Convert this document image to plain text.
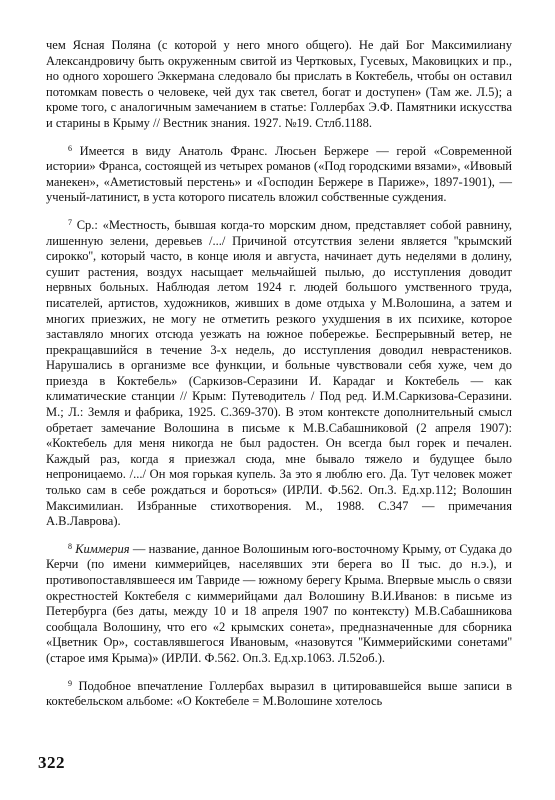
чем Ясная Поляна (с которой у него много общего). Не дай Бог Максимилиану Александровичу быть окруженным свитой из Чертковых, Гусевых, Маковицких и пр., но одного хорошего Эккермана следовало бы прислать в Коктебель, чтобы он оставил потомкам повесть о человеке, чей дух так светел, богат и доступен» (Там же. Л.5); а кроме того, с аналогичным замечанием в статье: Голлербах Э.Ф. Памятники искусства и старины в Крыму // Вестник знания. 1927. №19. Стлб.1188.

$^6$ Имеется в виду Анатоль Франс. Люсьен Бержере — герой «Современной истории» Франса, состоящей из четырех романов («Под городскими вязами», «Ивовый манекен», «Аметистовый перстень» и «Господин Бержере в Париже», 1897-1901), — ученый-латинист, в уста которого писатель вложил собственные суждения.

$^7$ Ср.: «Местность, бывшая когда-то морским дном, представляет собой равнину, лишенную зелени, деревьев /.../ Причиной отсутствия зелени является ''крымский сирокко'', который часто, в конце июля и августа, начинает дуть неделями в долину, сушит растения, воздух насыщает мельчайшей пылью, до исступления доводит нервных больных. Наблюдая летом 1924 г. людей большого умственного труда, писателей, артистов, художников, живших в доме отдыха у М.Волошина, а затем и многих приезжих, не могу не отметить резкого ухудшения в их психике, которое заставляло многих отсюда уезжать на южное побережье. Беспрерывный ветер, не прекращавшийся в течение 3-х недель, до исступления доводил неврастеников. Нарушались в организме все функции, и больные чувствовали себя хуже, чем до приезда в Коктебель» (Саркизов-Серазини И. Карадаг и Коктебель — как климатические станции // Крым: Путеводитель / Под ред. И.М.Саркизова-Серазини. М.; Л.: Земля и фабрика, 1925. С.369-370). В этом контексте дополнительный смысл обретает замечание Волошина в письме к М.В.Сабашниковой (2 апреля 1907): «Коктебель для меня никогда не был радостен. Он всегда был горек и печален. Каждый раз, когда я приезжал сюда, мне бывало тяжело и будущее было непроницаемо. /.../ Он моя горькая купель. За это я люблю его. Да. Тут человек может только сам в себе рождаться и бороться» (ИРЛИ. Ф.562. Оп.3. Ед.хр.112; Волошин Максимилиан. Избранные стихотворения. М., 1988. С.347 — примечания А.В.Лаврова).

$^8$ Киммерия — название, данное Волошиным юго-восточному Крыму, от Судака до Керчи (по имени киммерийцев, населявших эти берега во II тыс. до н.э.), и противопоставлявшееся им Тавриде — южному берегу Крыма. Впервые мысль о связи окрестностей Коктебеля с киммерийцами дал Волошину В.И.Иванов: в письме из Петербурга (без даты, между 10 и 18 апреля 1907 по контексту) М.В.Сабашникова сообщала Волошину, что его «2 крымских сонета», предназначенные для сборника «Цветник Ор», составлявшегося Ивановым, «назовутся ''Киммерийскими сонетами'' (старое имя Крыма)» (ИРЛИ. Ф.562. Оп.3. Ед.хр.1063. Л.52об.).

$^9$ Подобное впечатление Голлербах выразил в цитировавшейся выше записи в коктебельском альбоме: «О Коктебеле = М.Волошине хотелось

322
